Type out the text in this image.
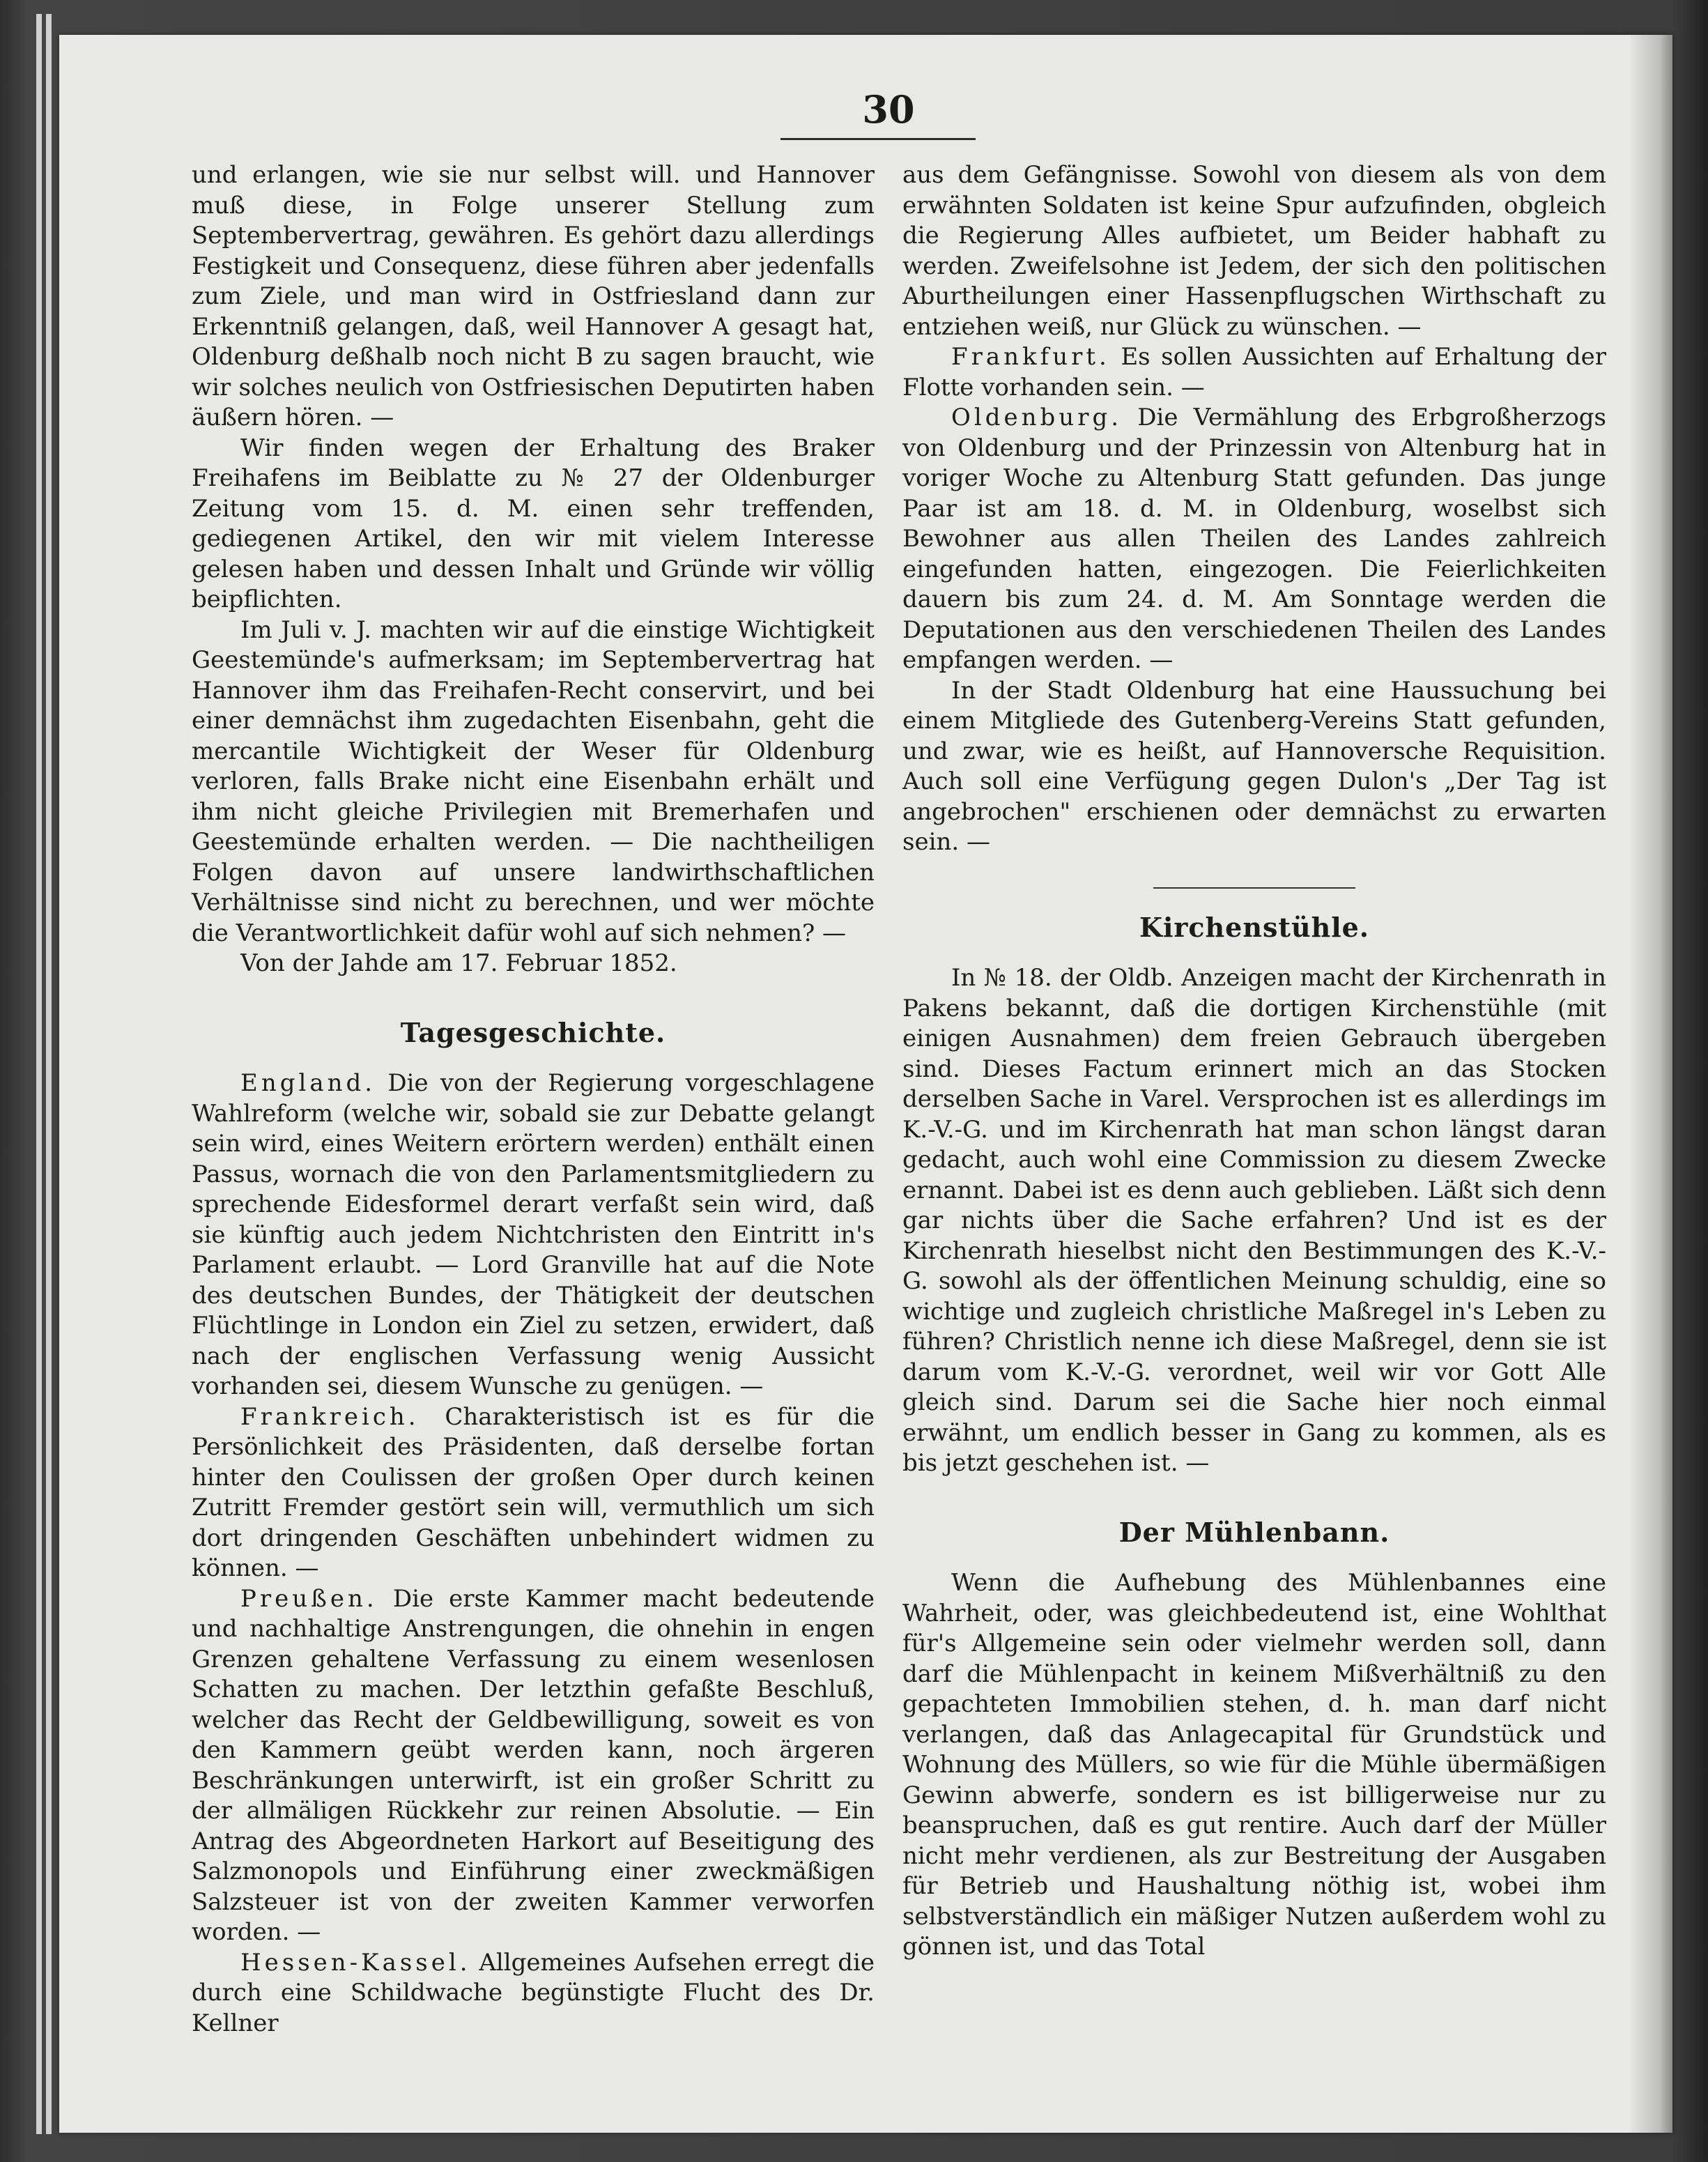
30

und erlangen, wie sie nur selbst will. und Hannover muß diese, in Folge unserer Stellung zum Septembervertrag, gewähren. Es gehört dazu allerdings Festigkeit und Consequenz, diese führen aber jedenfalls zum Ziele, und man wird in Ostfriesland dann zur Erkenntniß gelangen, daß, weil Hannover A gesagt hat, Oldenburg deßhalb noch nicht B zu sagen braucht, wie wir solches neulich von Ostfriesischen Deputirten haben äußern hören. —

Wir finden wegen der Erhaltung des Braker Freihafens im Beiblatte zu № 27 der Oldenburger Zeitung vom 15. d. M. einen sehr treffenden, gediegenen Artikel, den wir mit vielem Interesse gelesen haben und dessen Inhalt und Gründe wir völlig beipflichten.

Im Juli v. J. machten wir auf die einstige Wichtigkeit Geestemünde's aufmerksam; im Septembervertrag hat Hannover ihm das Freihafen-Recht conservirt, und bei einer demnächst ihm zugedachten Eisenbahn, geht die mercantile Wichtigkeit der Weser für Oldenburg verloren, falls Brake nicht eine Eisenbahn erhält und ihm nicht gleiche Privilegien mit Bremerhafen und Geestemünde erhalten werden. — Die nachtheiligen Folgen davon auf unsere landwirthschaftlichen Verhältnisse sind nicht zu berechnen, und wer möchte die Verantwortlichkeit dafür wohl auf sich nehmen? —

Von der Jahde am 17. Februar 1852.

Tagesgeschichte.

England. Die von der Regierung vorgeschlagene Wahlreform (welche wir, sobald sie zur Debatte gelangt sein wird, eines Weitern erörtern werden) enthält einen Passus, wornach die von den Parlamentsmitgliedern zu sprechende Eidesformel derart verfaßt sein wird, daß sie künftig auch jedem Nichtchristen den Eintritt in's Parlament erlaubt. — Lord Granville hat auf die Note des deutschen Bundes, der Thätigkeit der deutschen Flüchtlinge in London ein Ziel zu setzen, erwidert, daß nach der englischen Verfassung wenig Aussicht vorhanden sei, diesem Wunsche zu genügen. —

Frankreich. Charakteristisch ist es für die Persönlichkeit des Präsidenten, daß derselbe fortan hinter den Coulissen der großen Oper durch keinen Zutritt Fremder gestört sein will, vermuthlich um sich dort dringenden Geschäften unbehindert widmen zu können. —

Preußen. Die erste Kammer macht bedeutende und nachhaltige Anstrengungen, die ohnehin in engen Grenzen gehaltene Verfassung zu einem wesenlosen Schatten zu machen. Der letzthin gefaßte Beschluß, welcher das Recht der Geldbewilligung, soweit es von den Kammern geübt werden kann, noch ärgeren Beschränkungen unterwirft, ist ein großer Schritt zu der allmäligen Rückkehr zur reinen Absolutie. — Ein Antrag des Abgeordneten Harkort auf Beseitigung des Salzmonopols und Einführung einer zweckmäßigen Salzsteuer ist von der zweiten Kammer verworfen worden. —

Hessen-Kassel. Allgemeines Aufsehen erregt die durch eine Schildwache begünstigte Flucht des Dr. Kellner

aus dem Gefängnisse. Sowohl von diesem als von dem erwähnten Soldaten ist keine Spur aufzufinden, obgleich die Regierung Alles aufbietet, um Beider habhaft zu werden. Zweifelsohne ist Jedem, der sich den politischen Aburtheilungen einer Hassenpflugschen Wirthschaft zu entziehen weiß, nur Glück zu wünschen. —

Frankfurt. Es sollen Aussichten auf Erhaltung der Flotte vorhanden sein. —

Oldenburg. Die Vermählung des Erbgroßherzogs von Oldenburg und der Prinzessin von Altenburg hat in voriger Woche zu Altenburg Statt gefunden. Das junge Paar ist am 18. d. M. in Oldenburg, woselbst sich Bewohner aus allen Theilen des Landes zahlreich eingefunden hatten, eingezogen. Die Feierlichkeiten dauern bis zum 24. d. M. Am Sonntage werden die Deputationen aus den verschiedenen Theilen des Landes empfangen werden. —

In der Stadt Oldenburg hat eine Haussuchung bei einem Mitgliede des Gutenberg-Vereins Statt gefunden, und zwar, wie es heißt, auf Hannoversche Requisition. Auch soll eine Verfügung gegen Dulon's „Der Tag ist angebrochen" erschienen oder demnächst zu erwarten sein. —

Kirchenstühle.

In № 18. der Oldb. Anzeigen macht der Kirchenrath in Pakens bekannt, daß die dortigen Kirchenstühle (mit einigen Ausnahmen) dem freien Gebrauch übergeben sind. Dieses Factum erinnert mich an das Stocken derselben Sache in Varel. Versprochen ist es allerdings im K.-V.-G. und im Kirchenrath hat man schon längst daran gedacht, auch wohl eine Commission zu diesem Zwecke ernannt. Dabei ist es denn auch geblieben. Läßt sich denn gar nichts über die Sache erfahren? Und ist es der Kirchenrath hieselbst nicht den Bestimmungen des K.-V.-G. sowohl als der öffentlichen Meinung schuldig, eine so wichtige und zugleich christliche Maßregel in's Leben zu führen? Christlich nenne ich diese Maßregel, denn sie ist darum vom K.-V.-G. verordnet, weil wir vor Gott Alle gleich sind. Darum sei die Sache hier noch einmal erwähnt, um endlich besser in Gang zu kommen, als es bis jetzt geschehen ist. —

Der Mühlenbann.

Wenn die Aufhebung des Mühlenbannes eine Wahrheit, oder, was gleichbedeutend ist, eine Wohlthat für's Allgemeine sein oder vielmehr werden soll, dann darf die Mühlenpacht in keinem Mißverhältniß zu den gepachteten Immobilien stehen, d. h. man darf nicht verlangen, daß das Anlagecapital für Grundstück und Wohnung des Müllers, so wie für die Mühle übermäßigen Gewinn abwerfe, sondern es ist billigerweise nur zu beanspruchen, daß es gut rentire. Auch darf der Müller nicht mehr verdienen, als zur Bestreitung der Ausgaben für Betrieb und Haushaltung nöthig ist, wobei ihm selbstverständlich ein mäßiger Nutzen außerdem wohl zu gönnen ist, und das Total
